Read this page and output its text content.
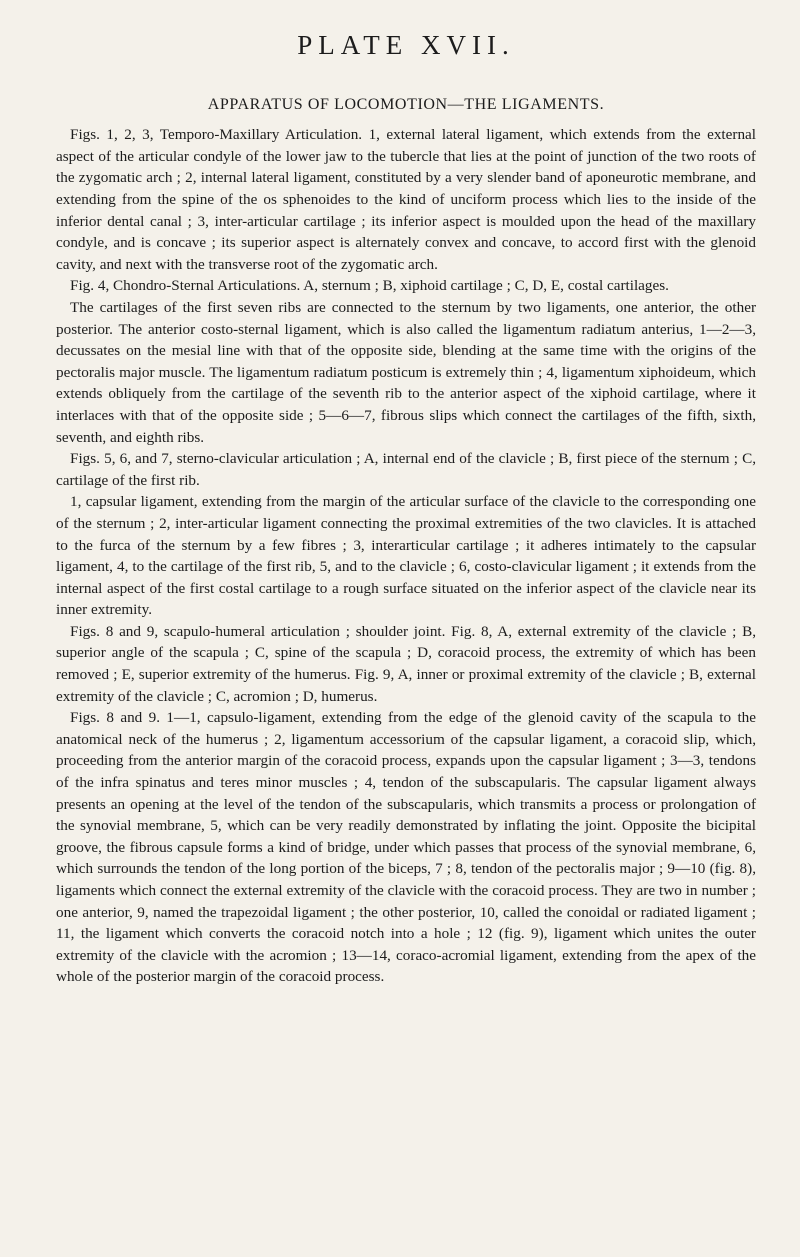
PLATE XVII.
APPARATUS OF LOCOMOTION—THE LIGAMENTS.

Figs. 1, 2, 3, Temporo-Maxillary Articulation. 1, external lateral ligament, which extends from the external aspect of the articular condyle of the lower jaw to the tubercle that lies at the point of junction of the two roots of the zygomatic arch ; 2, internal lateral ligament, constituted by a very slender band of aponeurotic membrane, and extending from the spine of the os sphenoides to the kind of unciform process which lies to the inside of the inferior dental canal ; 3, inter-articular cartilage ; its inferior aspect is moulded upon the head of the maxillary condyle, and is concave ; its superior aspect is alternately convex and concave, to accord first with the glenoid cavity, and next with the transverse root of the zygomatic arch.

Fig. 4, Chondro-Sternal Articulations. A, sternum ; B, xiphoid cartilage ; C, D, E, costal cartilages.

The cartilages of the first seven ribs are connected to the sternum by two ligaments, one anterior, the other posterior. The anterior costo-sternal ligament, which is also called the ligamentum radiatum anterius, 1—2—3, decussates on the mesial line with that of the opposite side, blending at the same time with the origins of the pectoralis major muscle. The ligamentum radiatum posticum is extremely thin ; 4, ligamentum xiphoideum, which extends obliquely from the cartilage of the seventh rib to the anterior aspect of the xiphoid cartilage, where it interlaces with that of the opposite side ; 5—6—7, fibrous slips which connect the cartilages of the fifth, sixth, seventh, and eighth ribs.

Figs. 5, 6, and 7, sterno-clavicular articulation ; A, internal end of the clavicle ; B, first piece of the sternum ; C, cartilage of the first rib.

1, capsular ligament, extending from the margin of the articular surface of the clavicle to the corresponding one of the sternum ; 2, inter-articular ligament connecting the proximal extremities of the two clavicles. It is attached to the furca of the sternum by a few fibres ; 3, interarticular cartilage ; it adheres intimately to the capsular ligament, 4, to the cartilage of the first rib, 5, and to the clavicle ; 6, costo-clavicular ligament ; it extends from the internal aspect of the first costal cartilage to a rough surface situated on the inferior aspect of the clavicle near its inner extremity.

Figs. 8 and 9, scapulo-humeral articulation ; shoulder joint. Fig. 8, A, external extremity of the clavicle ; B, superior angle of the scapula ; C, spine of the scapula ; D, coracoid process, the extremity of which has been removed ; E, superior extremity of the humerus. Fig. 9, A, inner or proximal extremity of the clavicle ; B, external extremity of the clavicle ; C, acromion ; D, humerus.

Figs. 8 and 9. 1—1, capsulo-ligament, extending from the edge of the glenoid cavity of the scapula to the anatomical neck of the humerus ; 2, ligamentum accessorium of the capsular ligament, a coracoid slip, which, proceeding from the anterior margin of the coracoid process, expands upon the capsular ligament ; 3—3, tendons of the infra spinatus and teres minor muscles ; 4, tendon of the subscapularis. The capsular ligament always presents an opening at the level of the tendon of the subscapularis, which transmits a process or prolongation of the synovial membrane, 5, which can be very readily demonstrated by inflating the joint. Opposite the bicipital groove, the fibrous capsule forms a kind of bridge, under which passes that process of the synovial membrane, 6, which surrounds the tendon of the long portion of the biceps, 7 ; 8, tendon of the pectoralis major ; 9—10 (fig. 8), ligaments which connect the external extremity of the clavicle with the coracoid process. They are two in number ; one anterior, 9, named the trapezoidal ligament ; the other posterior, 10, called the conoidal or radiated ligament ; 11, the ligament which converts the coracoid notch into a hole ; 12 (fig. 9), ligament which unites the outer extremity of the clavicle with the acromion ; 13—14, coraco-acromial ligament, extending from the apex of the whole of the posterior margin of the coracoid process.
